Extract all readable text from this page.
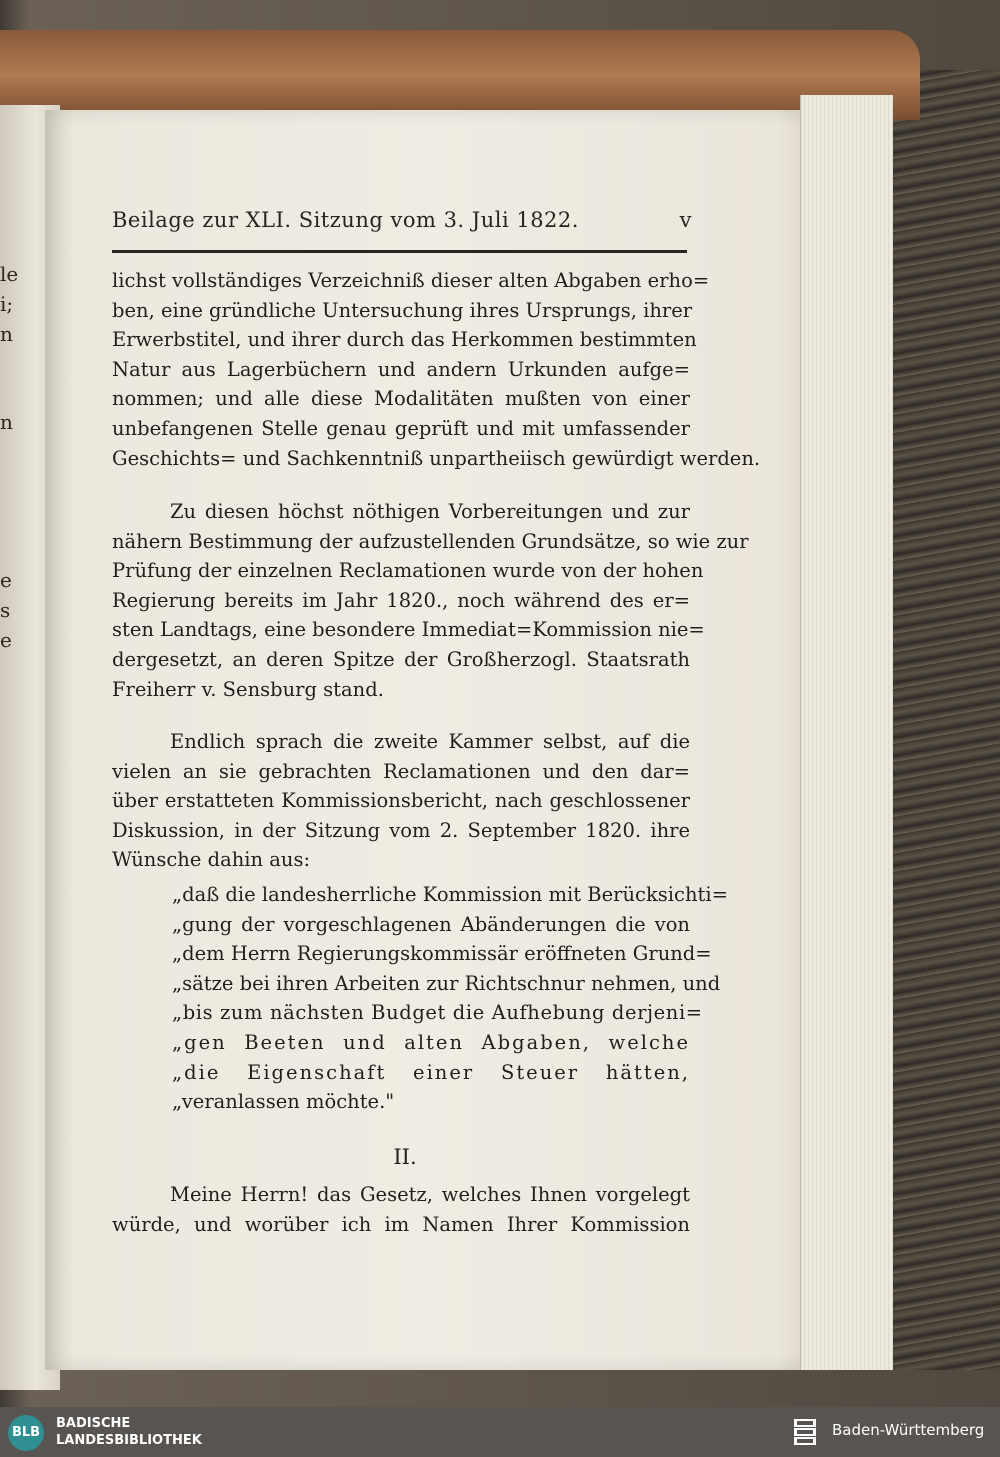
le
i;
n
n
e
s
e
Beilage zur XLI. Sitzung vom 3. Juli 1822.	v
lichst vollständiges Verzeichniß dieser alten Abgaben erho=
ben, eine gründliche Untersuchung ihres Ursprungs, ihrer
Erwerbstitel, und ihrer durch das Herkommen bestimmten
Natur aus Lagerbüchern und andern Urkunden aufge=
nommen; und alle diese Modalitäten mußten von einer
unbefangenen Stelle genau geprüft und mit umfassender
Geschichts= und Sachkenntniß unpartheiisch gewürdigt werden.
Zu diesen höchst nöthigen Vorbereitungen und zur
nähern Bestimmung der aufzustellenden Grundsätze, so wie zur
Prüfung der einzelnen Reclamationen wurde von der hohen
Regierung bereits im Jahr 1820., noch während des er=
sten Landtags, eine besondere Immediat=Kommission nie=
dergesetzt, an deren Spitze der Großherzogl. Staatsrath
Freiherr v. Sensburg stand.
Endlich sprach die zweite Kammer selbst, auf die
vielen an sie gebrachten Reclamationen und den dar=
über erstatteten Kommissionsbericht, nach geschlossener
Diskussion, in der Sitzung vom 2. September 1820. ihre
Wünsche dahin aus:
„daß die landesherrliche Kommission mit Berücksichti=
„gung der vorgeschlagenen Abänderungen die von
„dem Herrn Regierungskommissär eröffneten Grund=
„sätze bei ihren Arbeiten zur Richtschnur nehmen, und
„bis zum nächsten Budget die Aufhebung derjeni=
„gen Beeten und alten Abgaben, welche
„die Eigenschaft einer Steuer hätten,
„veranlassen möchte."
II.
Meine Herrn! das Gesetz, welches Ihnen vorgelegt
würde, und worüber ich im Namen Ihrer Kommission
BLB
BADISCHE
LANDESBIBLIOTHEK
Baden-Württemberg
